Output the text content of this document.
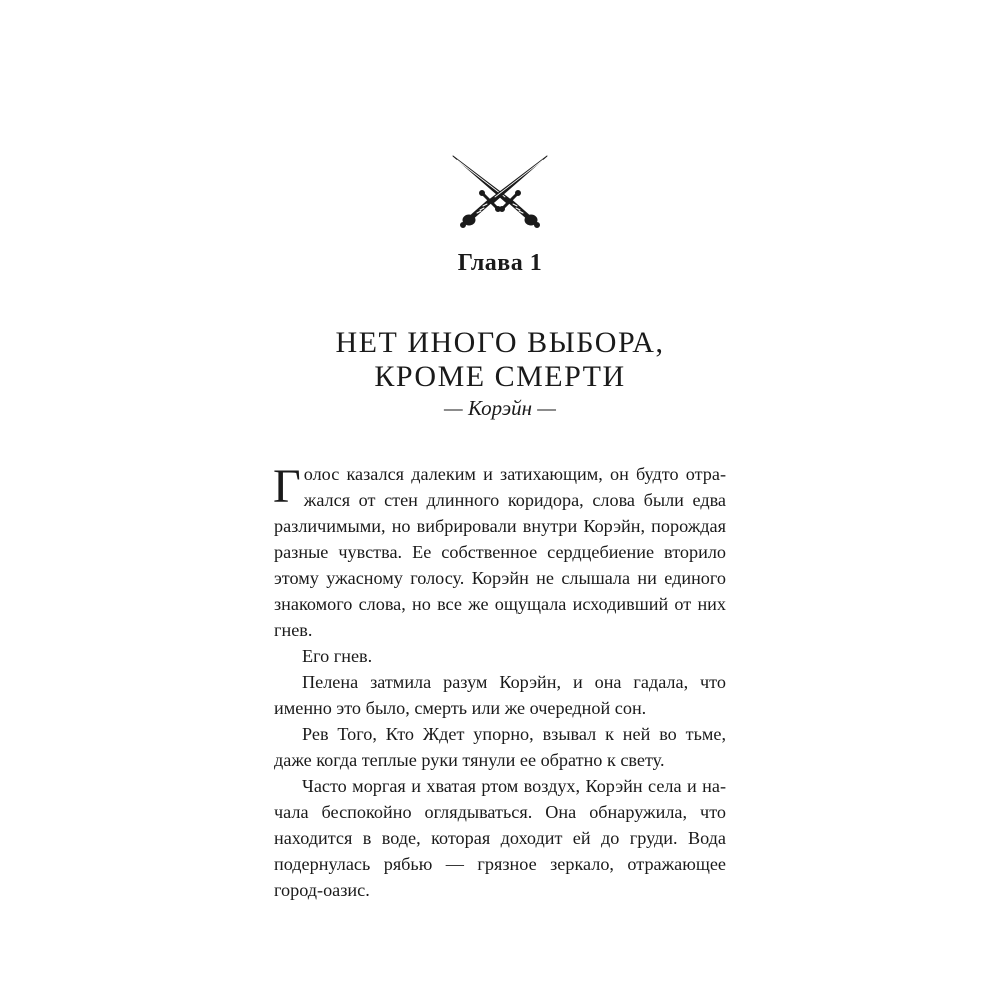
Глава 1
НЕТ ИНОГО ВЫБОРА,
КРОМЕ СМЕРТИ
— Корэйн —

Голос казался далеким и затихающим, он будто отражался от стен длинного коридора, слова были едва различимыми, но вибрировали внутри Корэйн, порождая разные чувства. Ее собственное сердцебиение вторило этому ужасному голосу. Корэйн не слышала ни единого знакомого слова, но все же ощущала исходивший от них гнев.

Его гнев.

Пелена затмила разум Корэйн, и она гадала, что именно это было, смерть или же очередной сон.

Рев Того, Кто Ждет упорно, взывал к ней во тьме, даже когда теплые руки тянули ее обратно к свету.

Часто моргая и хватая ртом воздух, Корэйн села и начала беспокойно оглядываться. Она обнаружила, что находится в воде, которая доходит ей до груди. Вода подернулась рябью — грязное зеркало, отражающее город-оазис.
